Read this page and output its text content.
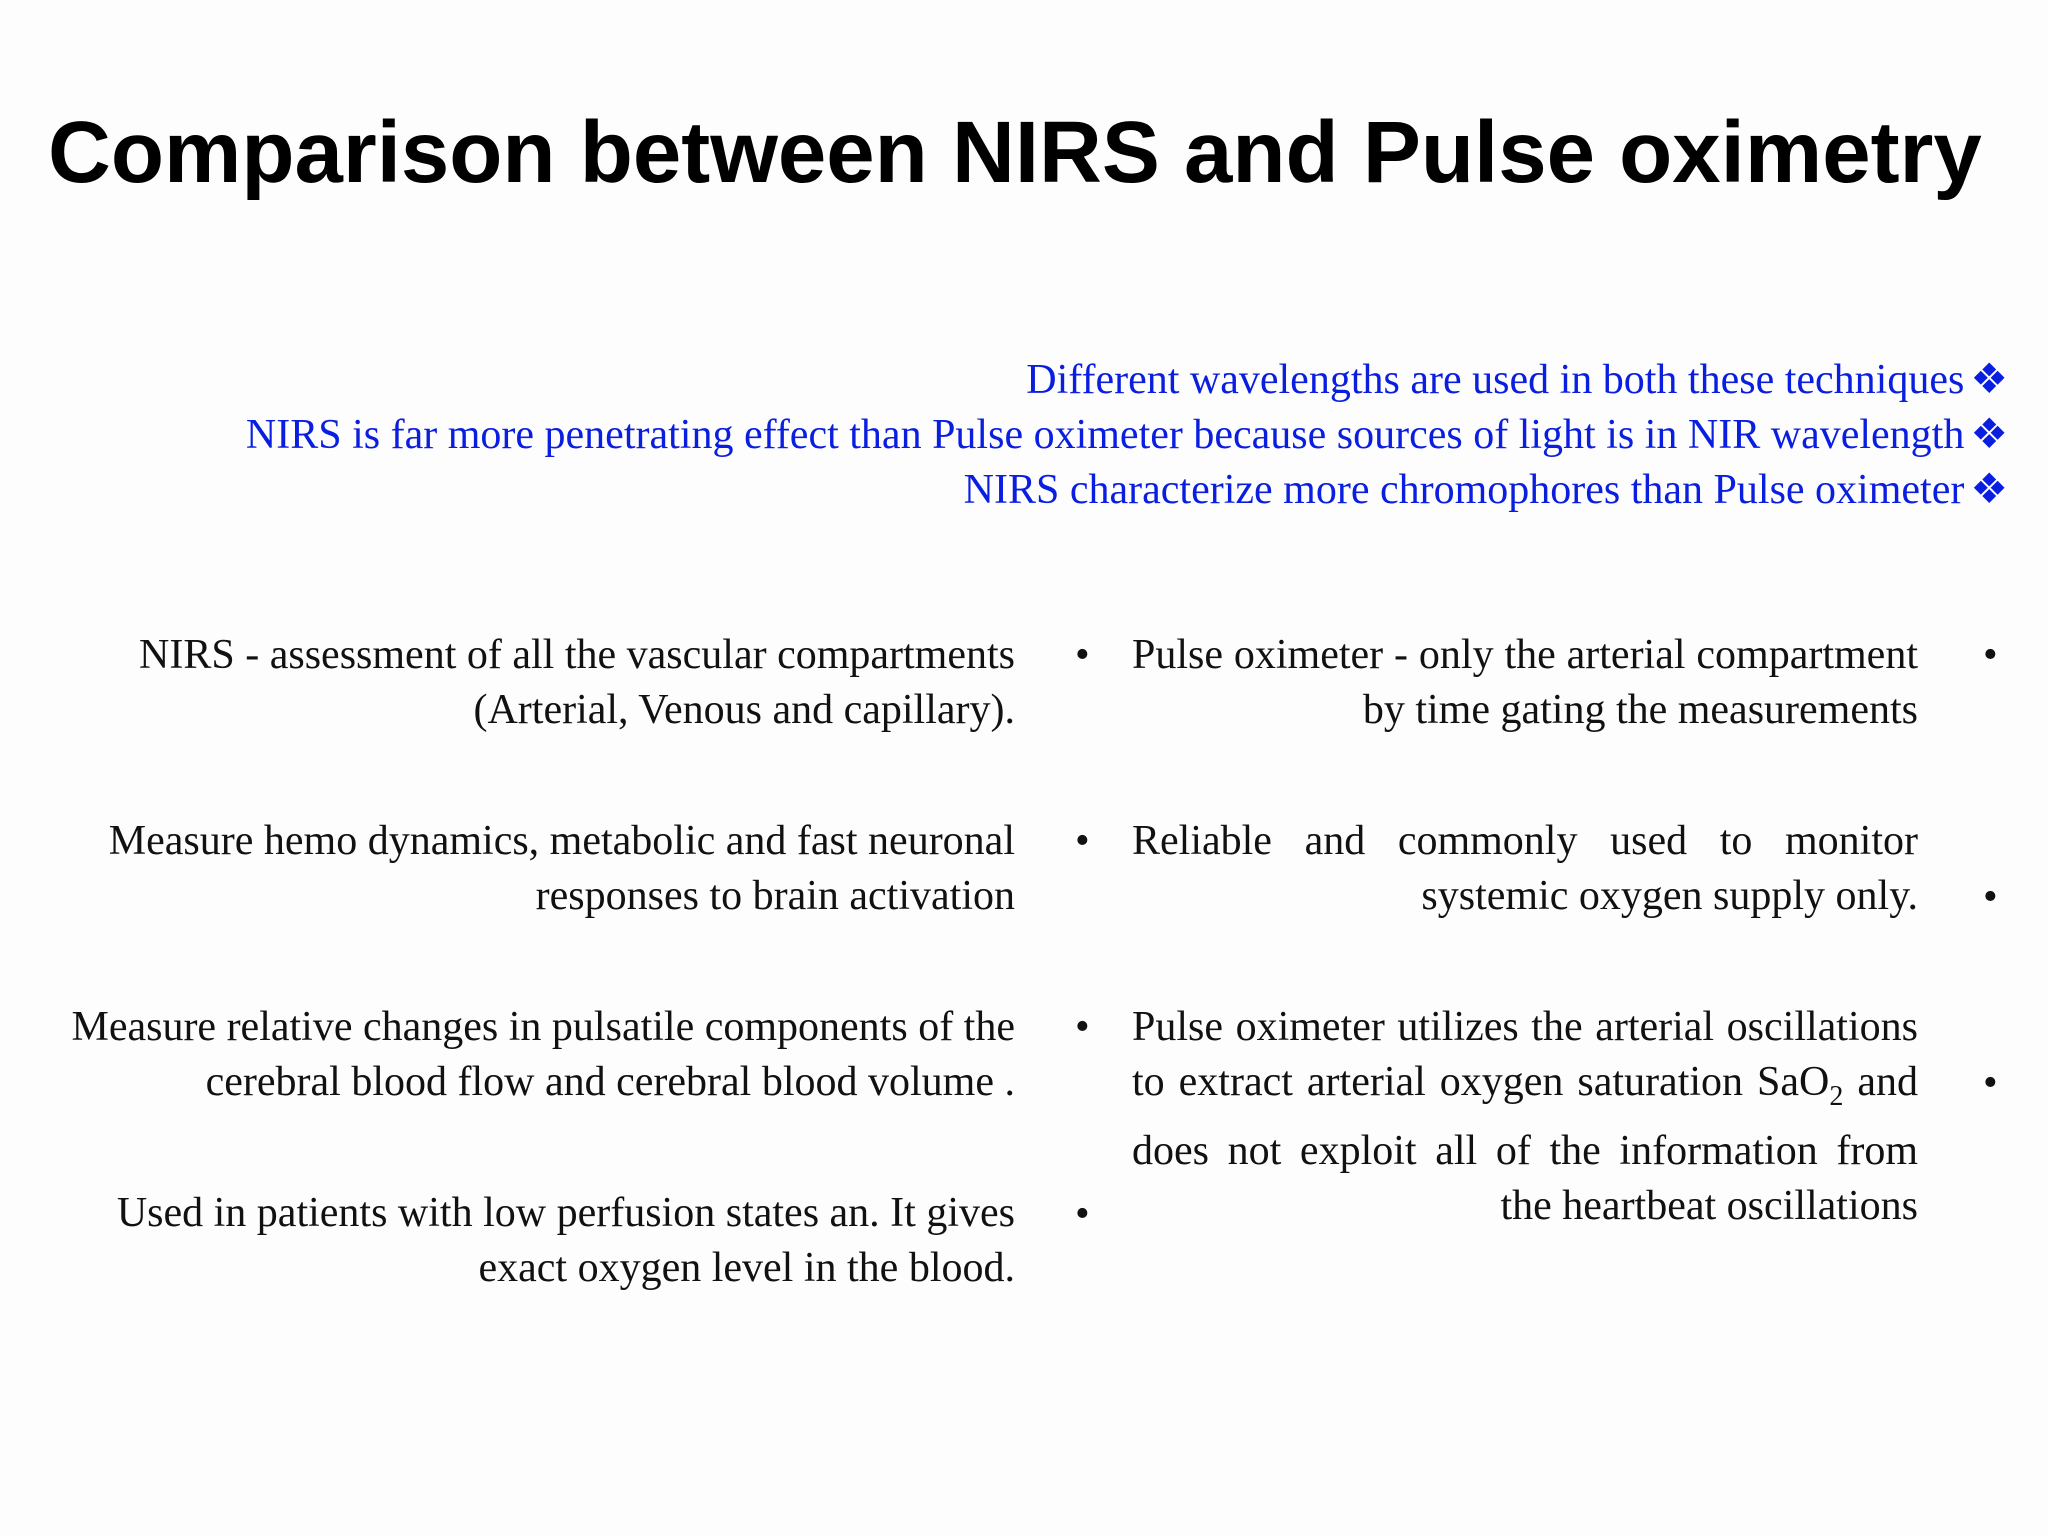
Comparison between NIRS and Pulse oximetry
Different wavelengths are used in both these techniques ❖
NIRS is far more penetrating effect than Pulse oximeter because sources of light is in NIR wavelength ❖
NIRS characterize more chromophores than Pulse oximeter ❖
NIRS - assessment of all the vascular compartments (Arterial, Venous and capillary).
Measure hemo dynamics, metabolic and fast neuronal responses to brain activation
Measure relative changes in pulsatile components of the cerebral blood flow and cerebral blood volume .
Used in patients with low perfusion states an. It gives exact oxygen level in the blood.
•
•
•
•
Pulse oximeter - only the arterial compartment by time gating the measurements
Reliable and commonly used to monitor systemic oxygen supply only.
Pulse oximeter utilizes the arterial oscillations to extract arterial oxygen saturation SaO$_2$ and does not exploit all of the information from the heartbeat oscillations
•
•
•
